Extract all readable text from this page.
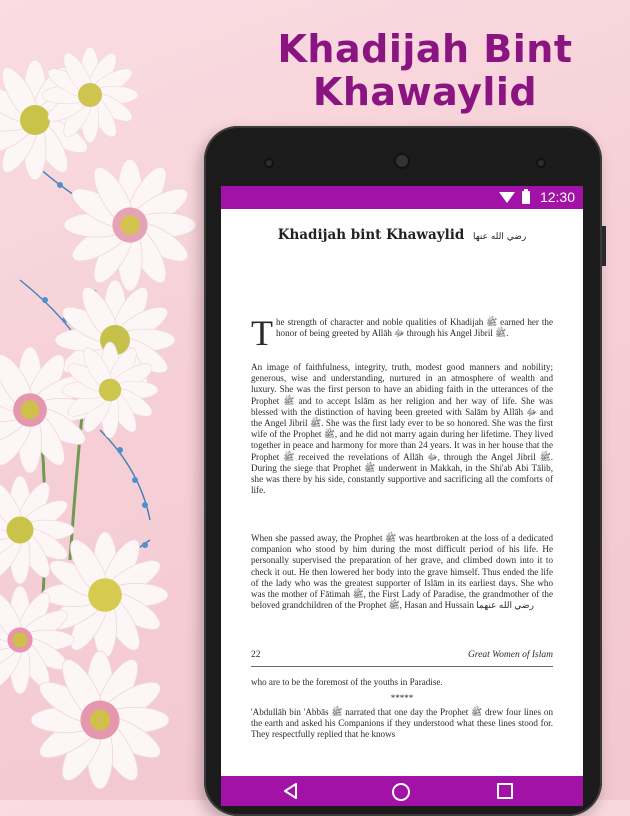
Khadijah Bint
Khawaylid
12:30
Khadijah bint Khawaylid رضي الله عنها
T he strength of character and noble qualities of Khadijah ﷺ earned her the honor of being greeted by Allāh ﷻ through his Angel Jibril ﷺ.
An image of faithfulness, integrity, truth, modest good manners and nobility; generous, wise and understanding, nurtured in an atmosphere of wealth and luxury. She was the first person to have an abiding faith in the utterances of the Prophet ﷺ and to accept Islām as her religion and her way of life. She was blessed with the distinction of having been greeted with Salām by Allāh ﷻ and the Angel Jibril ﷺ. She was the first lady ever to be so honored. She was the first wife of the Prophet ﷺ, and he did not marry again during her lifetime. They lived together in peace and harmony for more than 24 years. It was in her house that the Prophet ﷺ received the revelations of Allāh ﷻ, through the Angel Jibril ﷺ. During the siege that Prophet ﷺ underwent in Makkah, in the Shi'ab Abi Tālib, she was there by his side, constantly supportive and sacrificing all the comforts of life.
When she passed away, the Prophet ﷺ was heartbroken at the loss of a dedicated companion who stood by him during the most difficult period of his life. He personally supervised the preparation of her grave, and climbed down into it to check it out. He then lowered her body into the grave himself. Thus ended the life of the lady who was the greatest supporter of Islām in its earliest days. She who was the mother of Fātimah ﷺ, the First Lady of Paradise, the grandmother of the beloved grandchildren of the Prophet ﷺ, Hasan and Hussain رضي الله عنهما
22	Great Women of Islam
who are to be the foremost of the youths in Paradise.
*****
'Abdullāh bin 'Abbās ﷺ narrated that one day the Prophet ﷺ drew four lines on the earth and asked his Companions if they understood what these lines stood for. They respectfully replied that he knows
